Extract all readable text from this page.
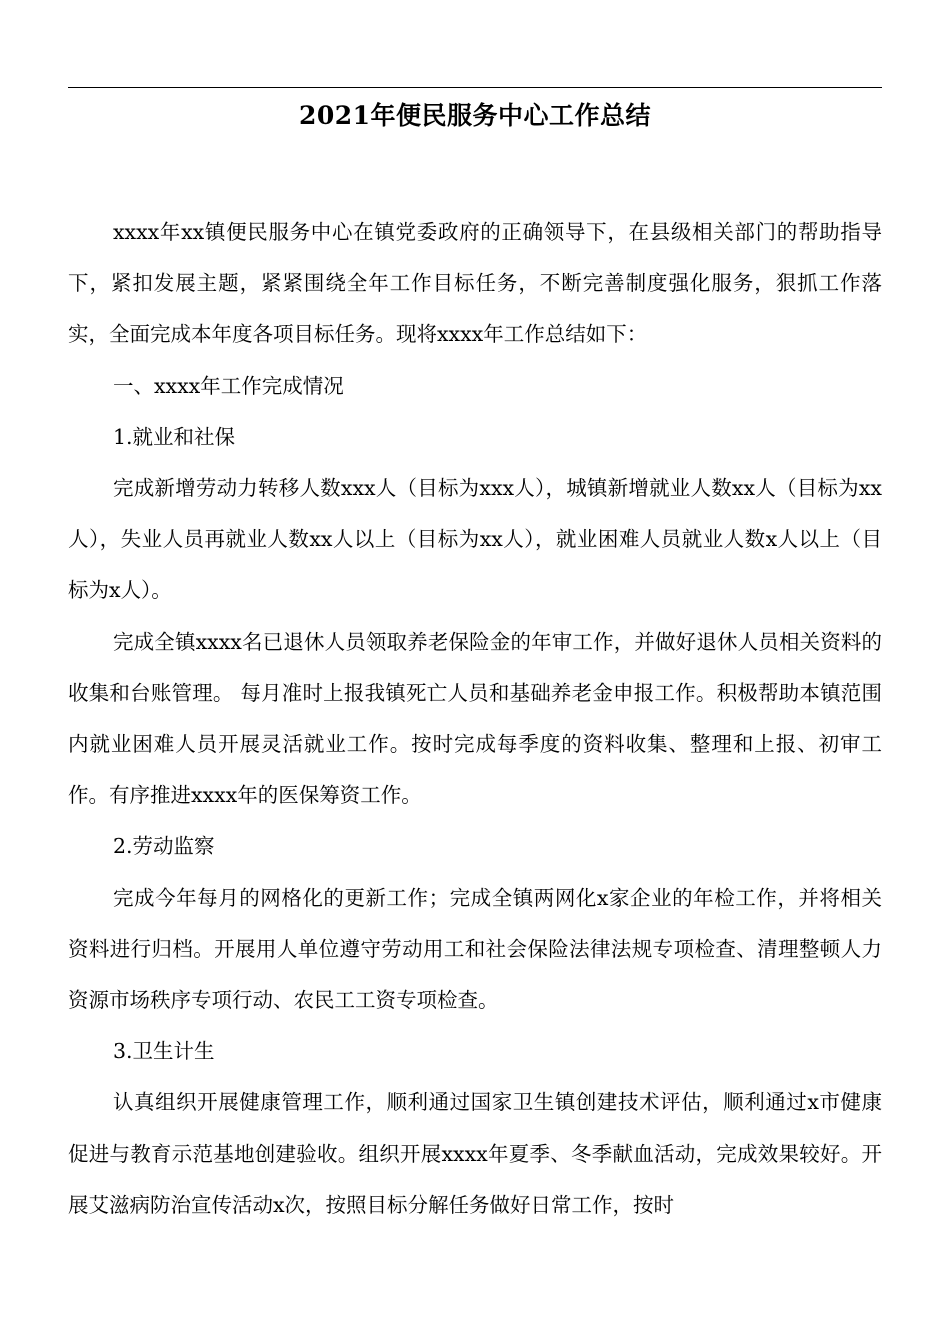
2021年便民服务中心工作总结

xxxx年xx镇便民服务中心在镇党委政府的正确领导下，在县级相关部门的帮助指导下，紧扣发展主题，紧紧围绕全年工作目标任务，不断完善制度强化服务，狠抓工作落实，全面完成本年度各项目标任务。现将xxxx年工作总结如下：

一、xxxx年工作完成情况

1.就业和社保

完成新增劳动力转移人数xxx人（目标为xxx人），城镇新增就业人数xx人（目标为xx人），失业人员再就业人数xx人以上（目标为xx人），就业困难人员就业人数x人以上（目标为x人）。

完成全镇xxxx名已退休人员领取养老保险金的年审工作，并做好退休人员相关资料的收集和台账管理。 每月准时上报我镇死亡人员和基础养老金申报工作。积极帮助本镇范围内就业困难人员开展灵活就业工作。按时完成每季度的资料收集、整理和上报、初审工作。有序推进xxxx年的医保筹资工作。

2.劳动监察

完成今年每月的网格化的更新工作；完成全镇两网化x家企业的年检工作，并将相关资料进行归档。开展用人单位遵守劳动用工和社会保险法律法规专项检查、清理整顿人力资源市场秩序专项行动、农民工工资专项检查。

3.卫生计生

认真组织开展健康管理工作，顺利通过国家卫生镇创建技术评估，顺利通过x市健康促进与教育示范基地创建验收。组织开展xxxx年夏季、冬季献血活动，完成效果较好。开展艾滋病防治宣传活动x次，按照目标分解任务做好日常工作，按时
